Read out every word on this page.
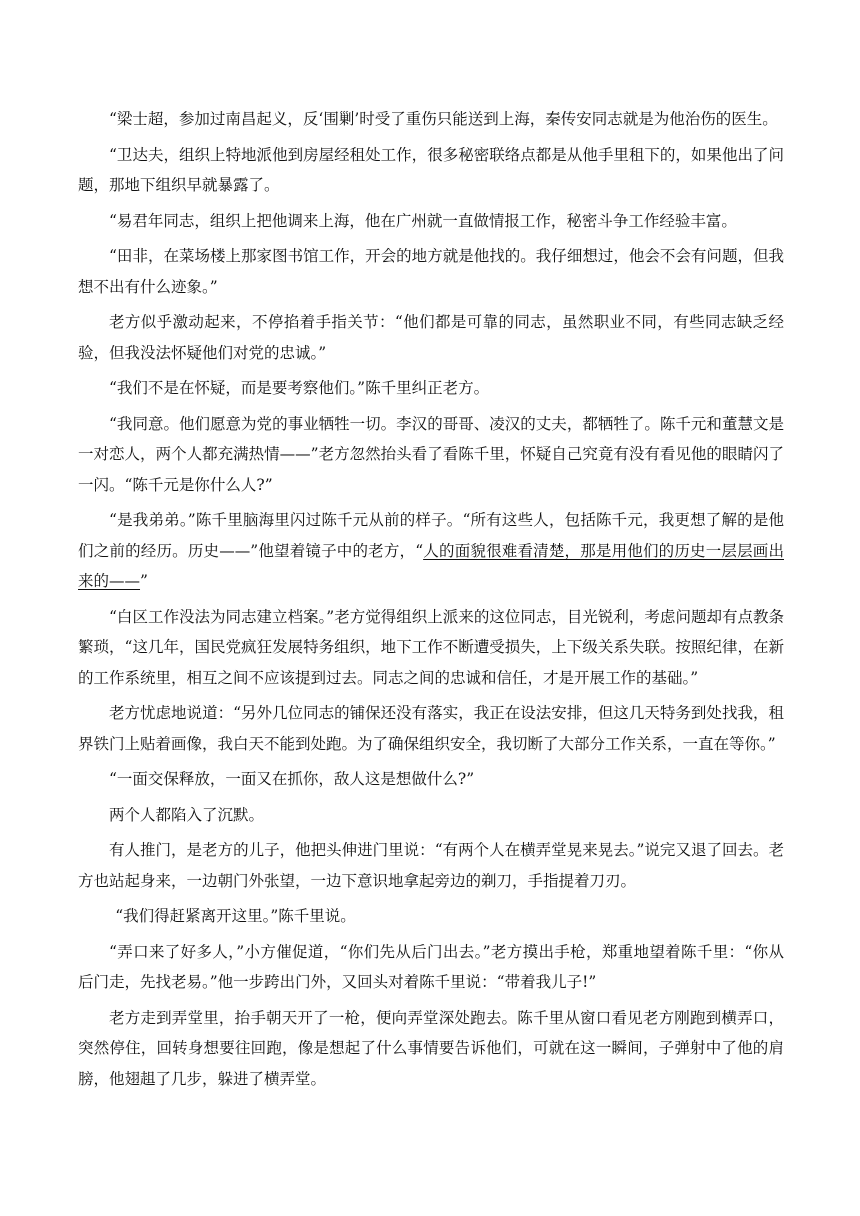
“梁士超，参加过南昌起义，反‘围剿’时受了重伤只能送到上海，秦传安同志就是为他治伤的医生。

“卫达夫，组织上特地派他到房屋经租处工作，很多秘密联络点都是从他手里租下的，如果他出了问题，那地下组织早就暴露了。

“易君年同志，组织上把他调来上海，他在广州就一直做情报工作，秘密斗争工作经验丰富。

“田非，在菜场楼上那家图书馆工作，开会的地方就是他找的。我仔细想过，他会不会有问题，但我想不出有什么迹象。”

老方似乎激动起来，不停掐着手指关节：“他们都是可靠的同志，虽然职业不同，有些同志缺乏经验，但我没法怀疑他们对党的忠诚。”

“我们不是在怀疑，而是要考察他们。”陈千里纠正老方。

“我同意。他们愿意为党的事业牺牲一切。李汉的哥哥、凌汉的丈夫，都牺牲了。陈千元和董慧文是一对恋人，两个人都充满热情——”老方忽然抬头看了看陈千里，怀疑自己究竟有没有看见他的眼睛闪了一闪。“陈千元是你什么人?”

“是我弟弟。”陈千里脑海里闪过陈千元从前的样子。“所有这些人，包括陈千元，我更想了解的是他们之前的经历。历史——”他望着镜子中的老方，“人的面貌很难看清楚，那是用他们的历史一层层画出来的——”

“白区工作没法为同志建立档案。”老方觉得组织上派来的这位同志，目光锐利，考虑问题却有点教条繁琐，“这几年，国民党疯狂发展特务组织，地下工作不断遭受损失，上下级关系失联。按照纪律，在新的工作系统里，相互之间不应该提到过去。同志之间的忠诚和信任，才是开展工作的基础。”

老方忧虑地说道：“另外几位同志的铺保还没有落实，我正在设法安排，但这几天特务到处找我，租界铁门上贴着画像，我白天不能到处跑。为了确保组织安全，我切断了大部分工作关系，一直在等你。”

“一面交保释放，一面又在抓你，敌人这是想做什么?”

两个人都陷入了沉默。

有人推门，是老方的儿子，他把头伸进门里说：“有两个人在横弄堂晃来晃去。”说完又退了回去。老方也站起身来，一边朝门外张望，一边下意识地拿起旁边的剃刀，手指提着刀刃。

“我们得赶紧离开这里。”陈千里说。

“弄口来了好多人，”小方催促道，“你们先从后门出去。”老方摸出手枪，郑重地望着陈千里：“你从后门走，先找老易。”他一步跨出门外，又回头对着陈千里说：“带着我儿子!”

老方走到弄堂里，抬手朝天开了一枪，便向弄堂深处跑去。陈千里从窗口看见老方刚跑到横弄口，突然停住，回转身想要往回跑，像是想起了什么事情要告诉他们，可就在这一瞬间，子弹射中了他的肩膀，他翅趄了几步，躲进了横弄堂。
